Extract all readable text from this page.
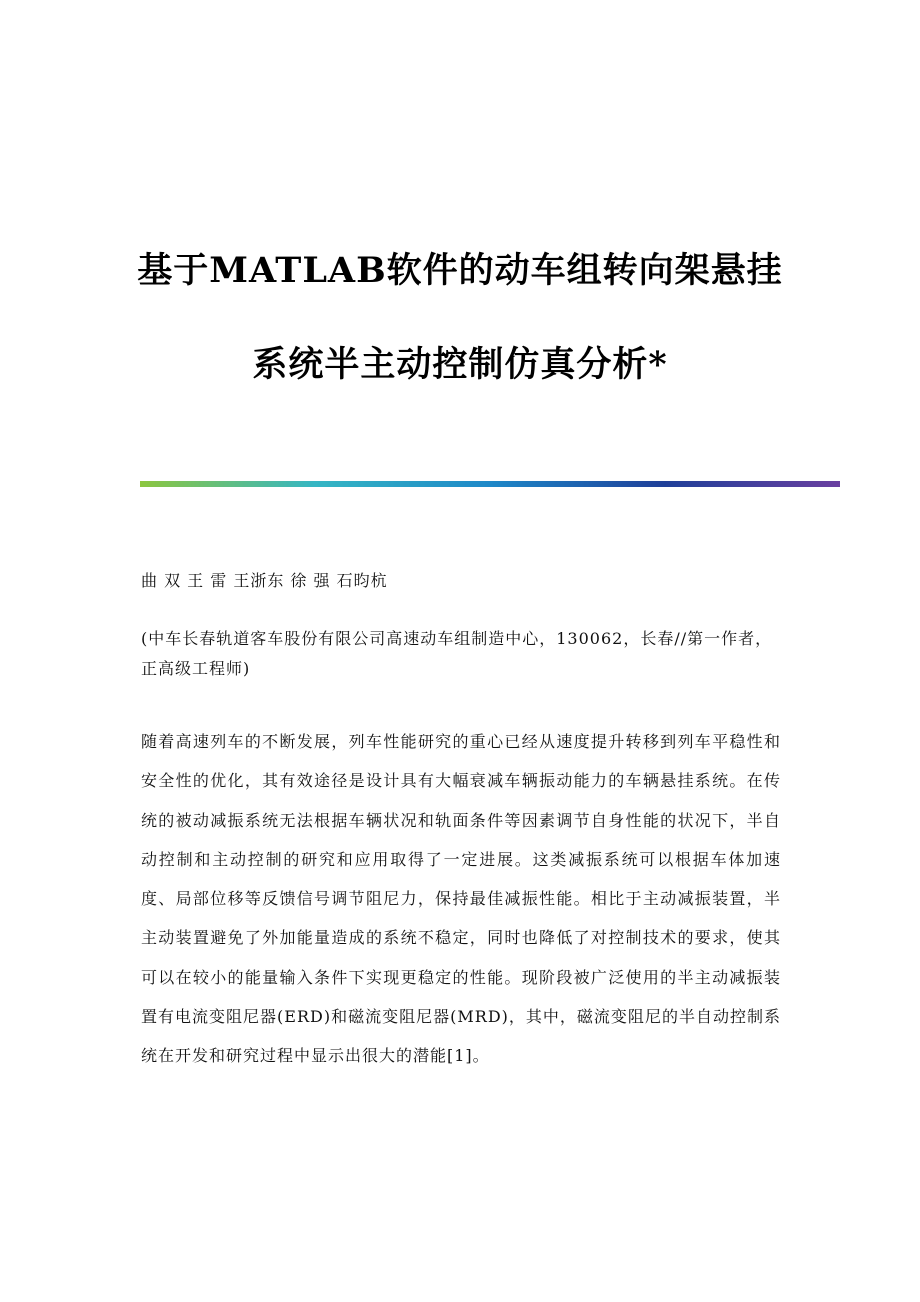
基于MATLAB软件的动车组转向架悬挂
系统半主动控制仿真分析*
曲 双 王 雷 王浙东 徐 强 石昀杭
(中车长春轨道客车股份有限公司高速动车组制造中心，130062，长春//第一作者，正高级工程师)
随着高速列车的不断发展，列车性能研究的重心已经从速度提升转移到列车平稳性和安全性的优化，其有效途径是设计具有大幅衰减车辆振动能力的车辆悬挂系统。在传统的被动减振系统无法根据车辆状况和轨面条件等因素调节自身性能的状况下，半自动控制和主动控制的研究和应用取得了一定进展。这类减振系统可以根据车体加速度、局部位移等反馈信号调节阻尼力，保持最佳减振性能。相比于主动减振装置，半主动装置避免了外加能量造成的系统不稳定，同时也降低了对控制技术的要求，使其可以在较小的能量输入条件下实现更稳定的性能。现阶段被广泛使用的半主动减振装置有电流变阻尼器(ERD)和磁流变阻尼器(MRD)，其中，磁流变阻尼的半自动控制系统在开发和研究过程中显示出很大的潜能[1]。
